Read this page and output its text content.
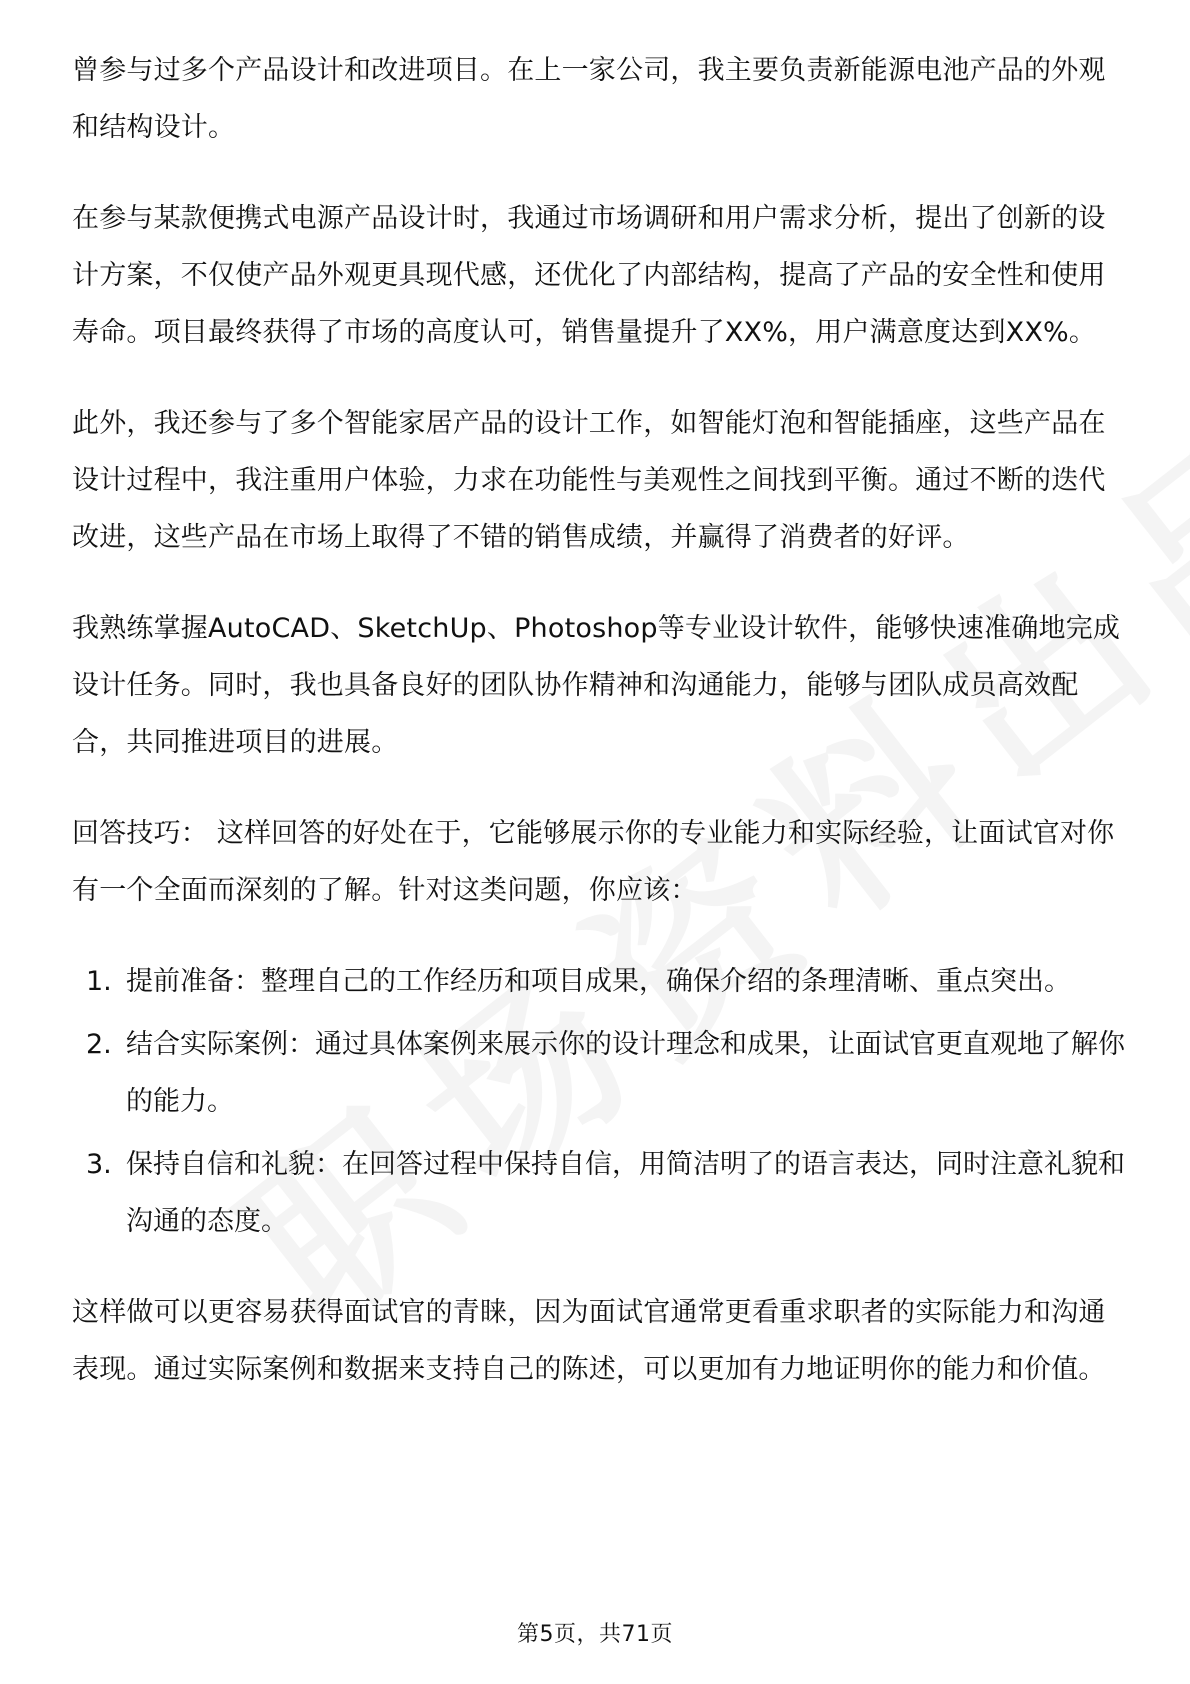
曾参与过多个产品设计和改进项目。在上一家公司，我主要负责新能源电池产品的外观和结构设计。

在参与某款便携式电源产品设计时，我通过市场调研和用户需求分析，提出了创新的设计方案，不仅使产品外观更具现代感，还优化了内部结构，提高了产品的安全性和使用寿命。项目最终获得了市场的高度认可，销售量提升了XX%，用户满意度达到XX%。

此外，我还参与了多个智能家居产品的设计工作，如智能灯泡和智能插座，这些产品在设计过程中，我注重用户体验，力求在功能性与美观性之间找到平衡。通过不断的迭代改进，这些产品在市场上取得了不错的销售成绩，并赢得了消费者的好评。

我熟练掌握AutoCAD、SketchUp、Photoshop等专业设计软件，能够快速准确地完成设计任务。同时，我也具备良好的团队协作精神和沟通能力，能够与团队成员高效配合，共同推进项目的进展。

回答技巧： 这样回答的好处在于，它能够展示你的专业能力和实际经验，让面试官对你有一个全面而深刻的了解。针对这类问题，你应该：

1. 提前准备：整理自己的工作经历和项目成果，确保介绍的条理清晰、重点突出。
2. 结合实际案例：通过具体案例来展示你的设计理念和成果，让面试官更直观地了解你的能力。
3. 保持自信和礼貌：在回答过程中保持自信，用简洁明了的语言表达，同时注意礼貌和沟通的态度。

这样做可以更容易获得面试官的青睐，因为面试官通常更看重求职者的实际能力和沟通表现。通过实际案例和数据来支持自己的陈述，可以更加有力地证明你的能力和价值。

第5页，共71页
